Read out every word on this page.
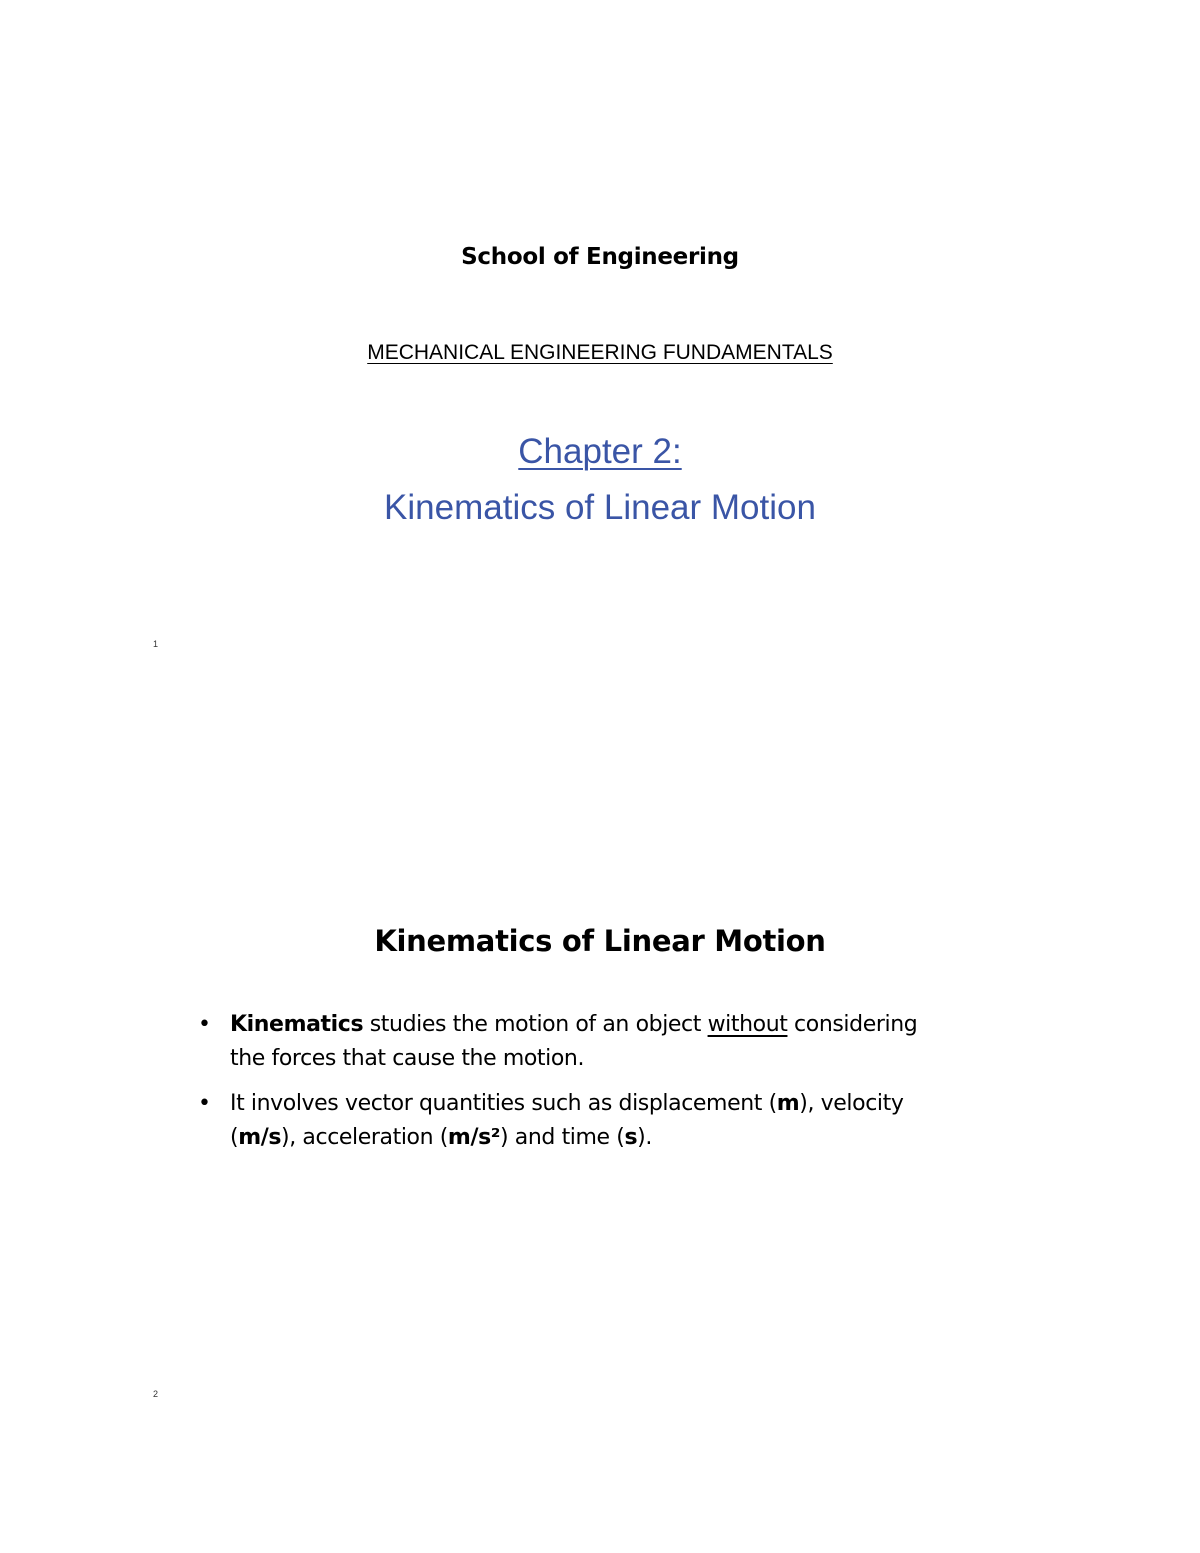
School of Engineering
MECHANICAL ENGINEERING FUNDAMENTALS
Chapter 2:
Kinematics of Linear Motion
1
Kinematics of Linear Motion
• Kinematics studies the motion of an object without considering the forces that cause the motion.
• It involves vector quantities such as displacement (m), velocity (m/s), acceleration (m/s²) and time (s).
2
